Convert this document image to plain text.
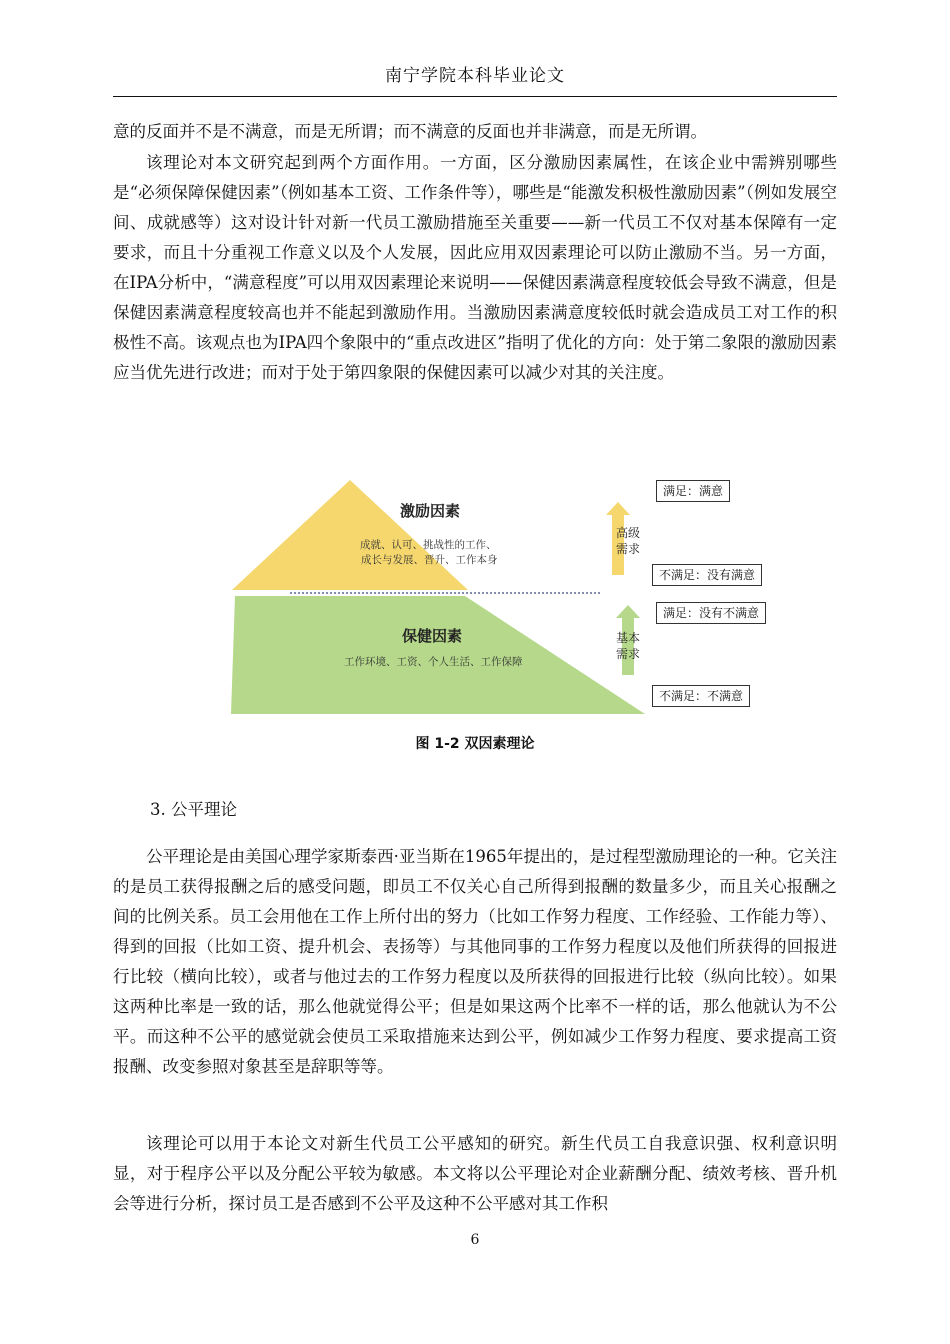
南宁学院本科毕业论文

意的反面并不是不满意，而是无所谓；而不满意的反面也并非满意，而是无所谓。

该理论对本文研究起到两个方面作用。一方面，区分激励因素属性，在该企业中需辨别哪些是“必须保障保健因素”（例如基本工资、工作条件等），哪些是“能激发积极性激励因素”（例如发展空间、成就感等）这对设计针对新一代员工激励措施至关重要——新一代员工不仅对基本保障有一定要求，而且十分重视工作意义以及个人发展，因此应用双因素理论可以防止激励不当。另一方面，在IPA分析中，“满意程度”可以用双因素理论来说明——保健因素满意程度较低会导致不满意，但是保健因素满意程度较高也并不能起到激励作用。当激励因素满意度较低时就会造成员工对工作的积极性不高。该观点也为IPA四个象限中的“重点改进区”指明了优化的方向：处于第二象限的激励因素应当优先进行改进；而对于处于第四象限的保健因素可以减少对其的关注度。

激励因素
成就、认可、挑战性的工作、
成长与发展、晋升、工作本身
保健因素
工作环境、工资、个人生活、工作保障
高级
需求
基本
需求
满足：满意
不满足：没有满意
满足：没有不满意
不满足：不满意
图 1-2 双因素理论

3. 公平理论

公平理论是由美国心理学家斯泰西·亚当斯在1965年提出的，是过程型激励理论的一种。它关注的是员工获得报酬之后的感受问题，即员工不仅关心自己所得到报酬的数量多少，而且关心报酬之间的比例关系。员工会用他在工作上所付出的努力（比如工作努力程度、工作经验、工作能力等）、得到的回报（比如工资、提升机会、表扬等）与其他同事的工作努力程度以及他们所获得的回报进行比较（横向比较），或者与他过去的工作努力程度以及所获得的回报进行比较（纵向比较）。如果这两种比率是一致的话，那么他就觉得公平；但是如果这两个比率不一样的话，那么他就认为不公平。而这种不公平的感觉就会使员工采取措施来达到公平，例如减少工作努力程度、要求提高工资报酬、改变参照对象甚至是辞职等等。

该理论可以用于本论文对新生代员工公平感知的研究。新生代员工自我意识强、权利意识明显，对于程序公平以及分配公平较为敏感。本文将以公平理论对企业薪酬分配、绩效考核、晋升机会等进行分析，探讨员工是否感到不公平及这种不公平感对其工作积

6
